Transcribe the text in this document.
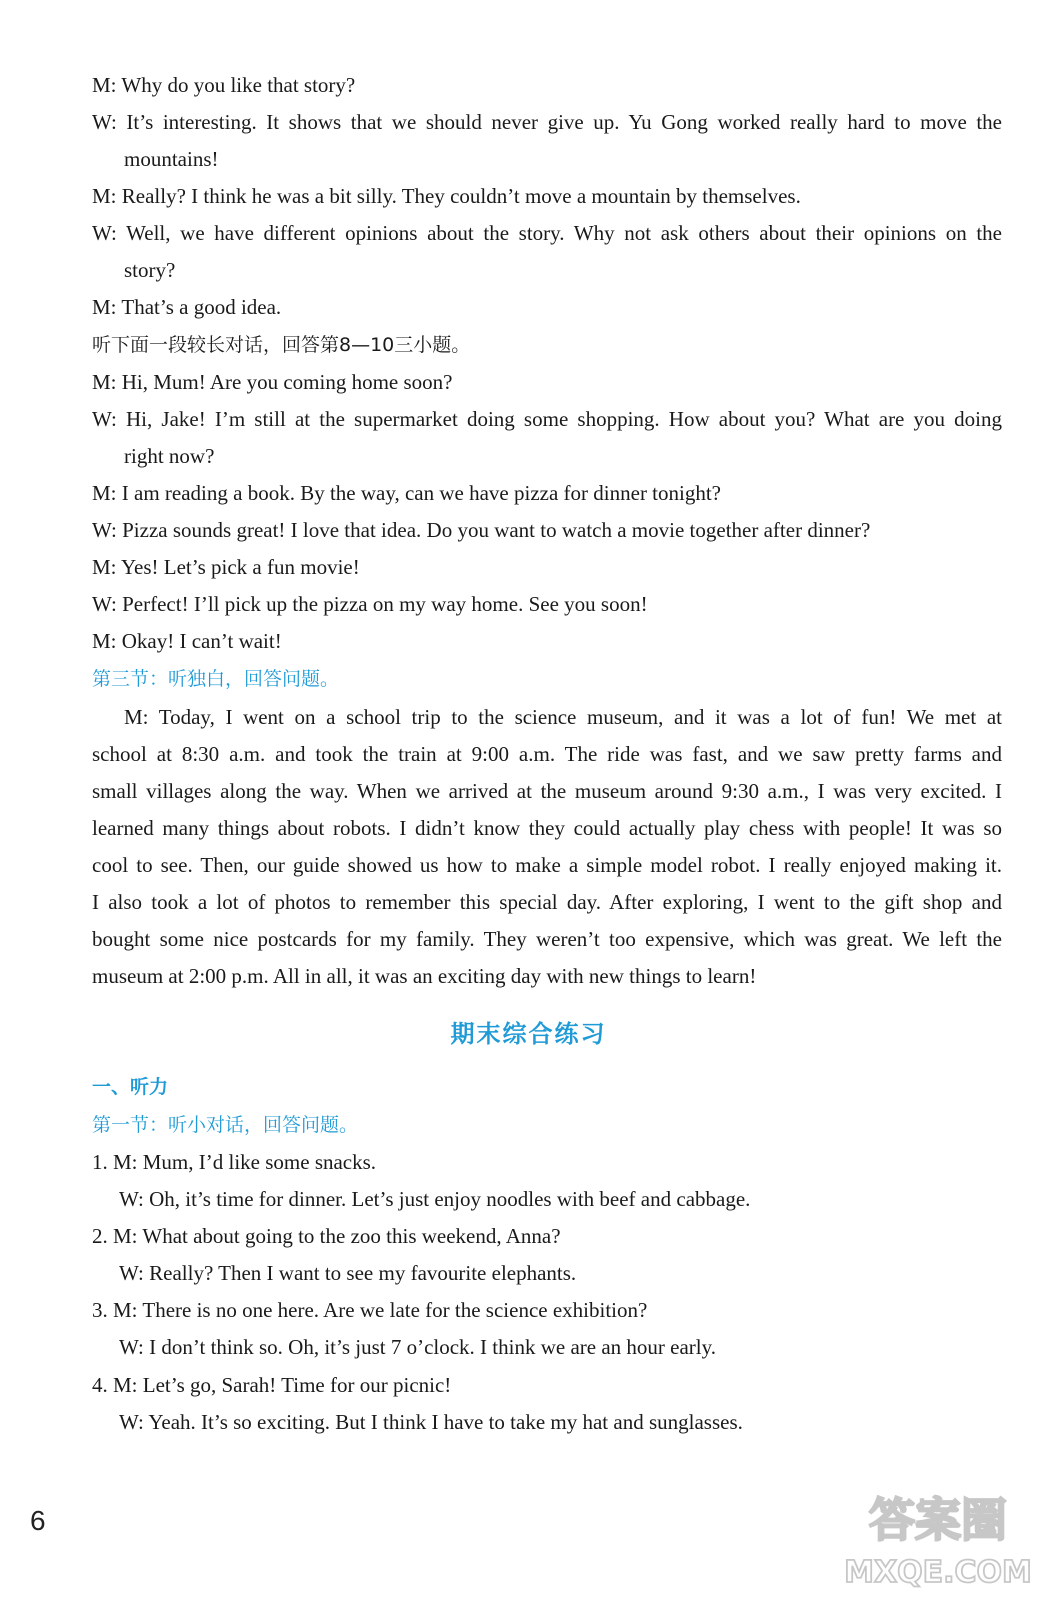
M: Why do you like that story?
W: It’s interesting. It shows that we should never give up. Yu Gong worked really hard to move the
mountains!
M: Really? I think he was a bit silly. They couldn’t move a mountain by themselves.
W: Well, we have different opinions about the story. Why not ask others about their opinions on the
story?
M: That’s a good idea.
听下面一段较长对话，回答第8—10三小题。
M: Hi, Mum! Are you coming home soon?
W: Hi, Jake! I’m still at the supermarket doing some shopping. How about you? What are you doing
right now?
M: I am reading a book. By the way, can we have pizza for dinner tonight?
W: Pizza sounds great! I love that idea. Do you want to watch a movie together after dinner?
M: Yes! Let’s pick a fun movie!
W: Perfect! I’ll pick up the pizza on my way home. See you soon!
M: Okay! I can’t wait!
第三节：听独白，回答问题。
M: Today, I went on a school trip to the science museum, and it was a lot of fun! We met at
school at 8:30 a.m. and took the train at 9:00 a.m. The ride was fast, and we saw pretty farms and
small villages along the way. When we arrived at the museum around 9:30 a.m., I was very excited. I
learned many things about robots. I didn’t know they could actually play chess with people! It was so
cool to see. Then, our guide showed us how to make a simple model robot. I really enjoyed making it.
I also took a lot of photos to remember this special day. After exploring, I went to the gift shop and
bought some nice postcards for my family. They weren’t too expensive, which was great. We left the
museum at 2:00 p.m. All in all, it was an exciting day with new things to learn!
期末综合练习
一、听力
第一节：听小对话，回答问题。
1. M: Mum, I’d like some snacks.
W: Oh, it’s time for dinner. Let’s just enjoy noodles with beef and cabbage.
2. M: What about going to the zoo this weekend, Anna?
W: Really? Then I want to see my favourite elephants.
3. M: There is no one here. Are we late for the science exhibition?
W: I don’t think so. Oh, it’s just 7 o’clock. I think we are an hour early.
4. M: Let’s go, Sarah! Time for our picnic!
W: Yeah. It’s so exciting. But I think I have to take my hat and sunglasses.
6	答案圈
MXQE.COM
